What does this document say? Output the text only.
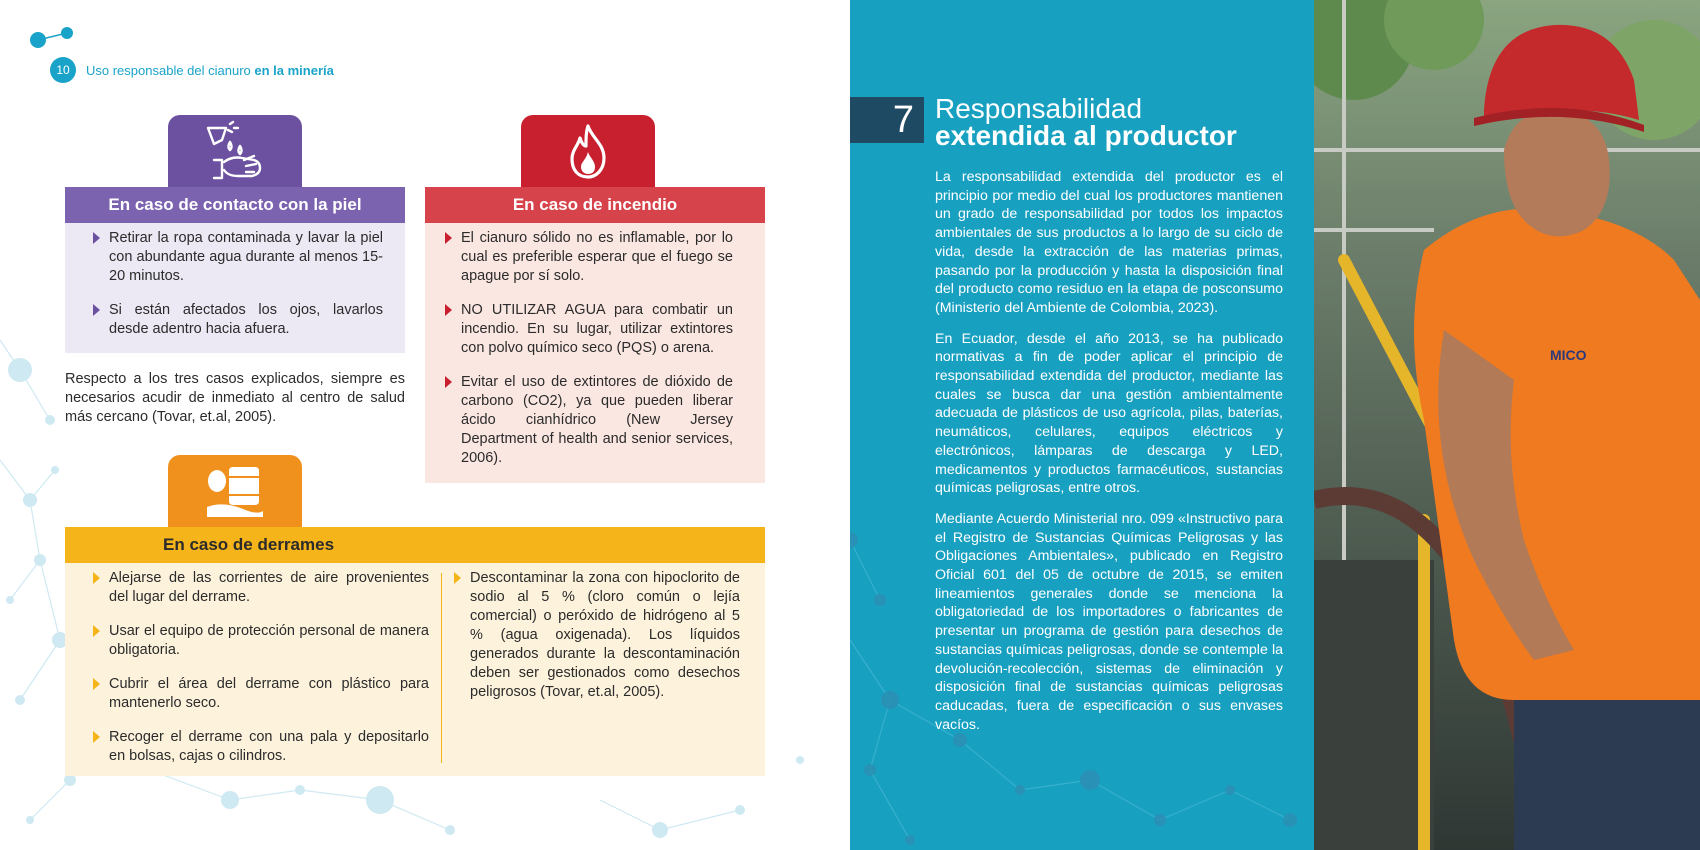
10	Uso responsable del cianuro en la minería
En caso de contacto con la piel
Retirar la ropa contaminada y lavar la piel con abundante agua durante al menos 15-20 minutos.
Si están afectados los ojos, lavarlos desde adentro hacia afuera.
Respecto a los tres casos explicados, siempre es necesarios acudir de inmediato al centro de salud más cercano (Tovar, et.al, 2005).
En caso de incendio
El cianuro sólido no es inflamable, por lo cual es preferible esperar que el fuego se apague por sí solo.
NO UTILIZAR AGUA para combatir un incendio. En su lugar, utilizar extintores con polvo químico seco (PQS) o arena.
Evitar el uso de extintores de dióxido de carbono (CO2), ya que pueden liberar ácido cianhídrico (New Jersey Department of health and senior services, 2006).
En caso de derrames
Alejarse de las corrientes de aire provenientes del lugar del derrame.
Usar el equipo de protección personal de manera obligatoria.
Cubrir el área del derrame con plástico para mantenerlo seco.
Recoger el derrame con una pala y depositarlo en bolsas, cajas o cilindros.
Descontaminar la zona con hipoclorito de sodio al 5 % (cloro común o lejía comercial) o peróxido de hidrógeno al 5 % (agua oxigenada). Los líquidos generados durante la descontaminación deben ser gestionados como desechos peligrosos (Tovar, et.al, 2005).
7 Responsabilidad
extendida al productor

La responsabilidad extendida del productor es el principio por medio del cual los productores mantienen un grado de responsabilidad por todos los impactos ambientales de sus productos a lo largo de su ciclo de vida, desde la extracción de las materias primas, pasando por la producción y hasta la disposición final del producto como residuo en la etapa de posconsumo (Ministerio del Ambiente de Colombia, 2023).

En Ecuador, desde el año 2013, se ha publicado normativas a fin de poder aplicar el principio de responsabilidad extendida del productor, mediante las cuales se busca dar una gestión ambientalmente adecuada de plásticos de uso agrícola, pilas, baterías, neumáticos, celulares, equipos eléctricos y electrónicos, lámparas de descarga y LED, medicamentos y productos farmacéuticos, sustancias químicas peligrosas, entre otros.

Mediante Acuerdo Ministerial nro. 099 «Instructivo para el Registro de Sustancias Químicas Peligrosas y las Obligaciones Ambientales», publicado en Registro Oficial 601 del 05 de octubre de 2015, se emiten lineamientos generales donde se menciona la obligatoriedad de los importadores o fabricantes de presentar un programa de gestión para desechos de sustancias químicas peligrosas, donde se contemple la devolución-recolección, sistemas de eliminación y disposición final de sustancias químicas peligrosas caducadas, fuera de especificación o sus envases vacíos.

MICO
